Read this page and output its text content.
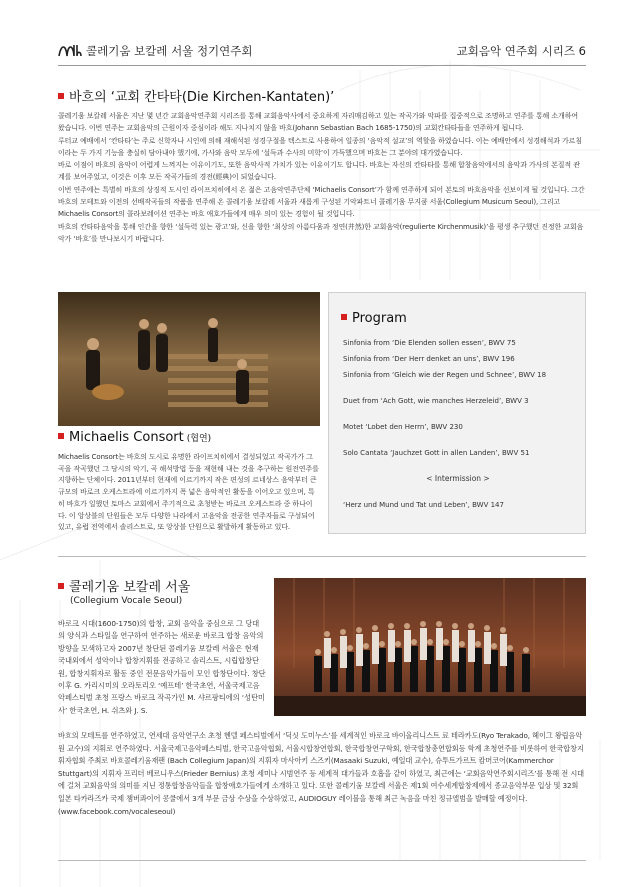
콜레기움 보칼레 서울 정기연주회	교회음악 연주회 시리즈 6
바흐의 ‘교회 칸타타(Die Kirchen-Kantaten)’

콜레기움 보칼레 서울은 지난 몇 년간 교회음악연주회 시리즈를 통해 교회음악사에서 중요하게 자리매김하고 있는 작곡가와 악파를 집중적으로 조명하고 연주를 통해 소개하여 왔습니다. 이번 연주는 교회음악의 근원이자 중심이라 해도 지나치지 않을 바흐(Johann Sebastian Bach 1685-1750)의 교회칸타타들을 연주하게 됩니다.

루터교 예배에서 ‘칸타타’는 주로 신학자나 시인에 의해 재해석된 성경구절을 텍스트로 사용하여 일종의 ‘음악적 설교’의 역할을 하였습니다. 이는 예배안에서 성경해석과 가르침이라는 두 가지 기능을 충실히 담아내야 했기에, 가사와 음악 모두에 ‘설득과 수사의 미학’이 가득했으며 바흐는 그 분야의 대가였습니다.

바로 이점이 바흐의 음악이 어렵게 느껴지는 이유이기도, 또한 음악사적 가치가 있는 이유이기도 합니다. 바흐는 자신의 칸타타를 통해 합창음악에서의 음악과 가사의 본질적 관계를 보여주었고, 이것은 이후 모든 작곡가들의 경전(經典)이 되었습니다.

이번 연주에는 특별히 바흐의 상징적 도시인 라이프치히에서 온 젊은 고음악연주단체 ‘Michaelis Consort’가 함께 연주하게 되어 본토의 바흐음악을 선보이게 될 것입니다. 그간 바흐의 모테트와 이전의 선배작곡들의 작품을 연주해 온 콜레기움 보칼레 서울과 새롭게 구성된 기악파트너 콜레기움 무지쿰 서울(Collegium Musicum Seoul), 그리고 Michaelis Consort의 콜라보레이션 연주는 바흐 애호가들에게 매우 의미 있는 경험이 될 것입니다.

바흐의 칸타타음악을 통해 인간을 향한 ‘설득력 있는 광고’와, 신을 향한 ‘최상의 아름다움과 정연(井然)한 교회음악(regulierte Kirchenmusik)’을 평생 추구했던 진정한 교회음악가 ‘바흐’를 만나보시기 바랍니다.

Michaelis Consort (협연)
Michaelis Consort는 바흐의 도시로 유명한 라이프치히에서 결성되었고 작곡가가 그 곡을 작곡했던 그 당시의 악기, 곡 해석방법 등을 재현해 내는 것을 추구하는 원전연주를 지향하는 단체이다. 2011년부터 현재에 이르기까지 작은 편성의 르네상스 음악부터 큰 규모의 바로크 오케스트라에 이르기까지 폭 넓은 음악적인 활동을 이어오고 있으며, 특히 바흐가 일했던 토마스 교회에서 주기적으로 초청받는 바로크 오케스트라 중 하나이다. 이 앙상블의 단원들은 모두 다양한 나라에서 고음악을 전공한 연주자들로 구성되어 있고, 유럽 전역에서 솔리스트로, 또 앙상블 단원으로 활발하게 활동하고 있다.
Program
Sinfonia from ‘Die Elenden sollen essen’, BWV 75
Sinfonia from ‘Der Herr denket an uns’, BWV 196
Sinfonia from ‘Gleich wie der Regen und Schnee’, BWV 18
Duet from ‘Ach Gott, wie manches Herzeleid’, BWV 3
Motet ‘Lobet den Herrn’, BWV 230
Solo Cantata ‘Jauchzet Gott in allen Landen’, BWV 51
< Intermission >
‘Herz und Mund und Tat und Leben’, BWV 147
콜레기움 보칼레 서울
(Collegium Vocale Seoul)
바로크 시대(1600-1750)의 합창, 교회 음악을 중심으로 그 당대의 양식과 스타일을 연구하여 연주하는 새로운 바로크 합창 음악의 방향을 모색하고자 2007년 창단된 콜레기움 보칼레 서울은 현재 국내외에서 성악이나 합창지휘를 전공하고 솔리스트, 시립합창단원, 합창지휘자로 활동 중인 전문음악가들이 모인 합창단이다. 창단 이후 G. 카리시미의 오라토리오 ‘예프테’ 한국초연, 서울국제고음악페스티벌 초청 프랑스 바로크 작곡가인 M. 샤르팡티에의 ‘성탄미사’ 한국초연, H. 쉬츠와 J. S.
바흐의 모테트를 연주하였고, 연세대 음악연구소 초청 헨델 페스티벌에서 ‘딕싯 도미누스’를 세계적인 바로크 바이올리니스트 료 테라카도(Ryo Terakado, 헤이그 왕립음악원 교수)의 지휘로 연주하였다. 서울국제고음악페스티벌, 한국고음악협회, 서울시합창연합회, 한국합창연구학회, 한국합창총연합회등 학계 초청연주를 비롯하여 한국합창지휘자협회 주최로 바흐콜레기움재팬 (Bach Collegium Japan)의 지휘자 마사아키 스즈키(Masaaki Suzuki, 예일대 교수), 슈투트가르트 캄머코어(Kammerchor Stuttgart)의 지휘자 프리더 베르니우스(Frieder Bernius) 초청 세미나 시범연주 등 세계적 대가들과 호흡을 같이 하였고, 최근에는 ‘교회음악연주회시리즈’를 통해 전 시대에 걸쳐 교회음악의 의미를 지닌 정통합창음악들을 합창애호가들에게 소개하고 있다. 또한 콜레기움 보칼레 서울은 제1회 여수세계합창제에서 종교음악부문 입상 및 32회 일본 타카라즈카 국제 챔버콰이어 콩쿨에서 3개 부문 금상 수상을 수상하였고, AUDIOGUY 레이블을 통해 최근 녹음을 마친 정규앨범을 발매할 예정이다. (www.facebook.com/vocaleseoul)
